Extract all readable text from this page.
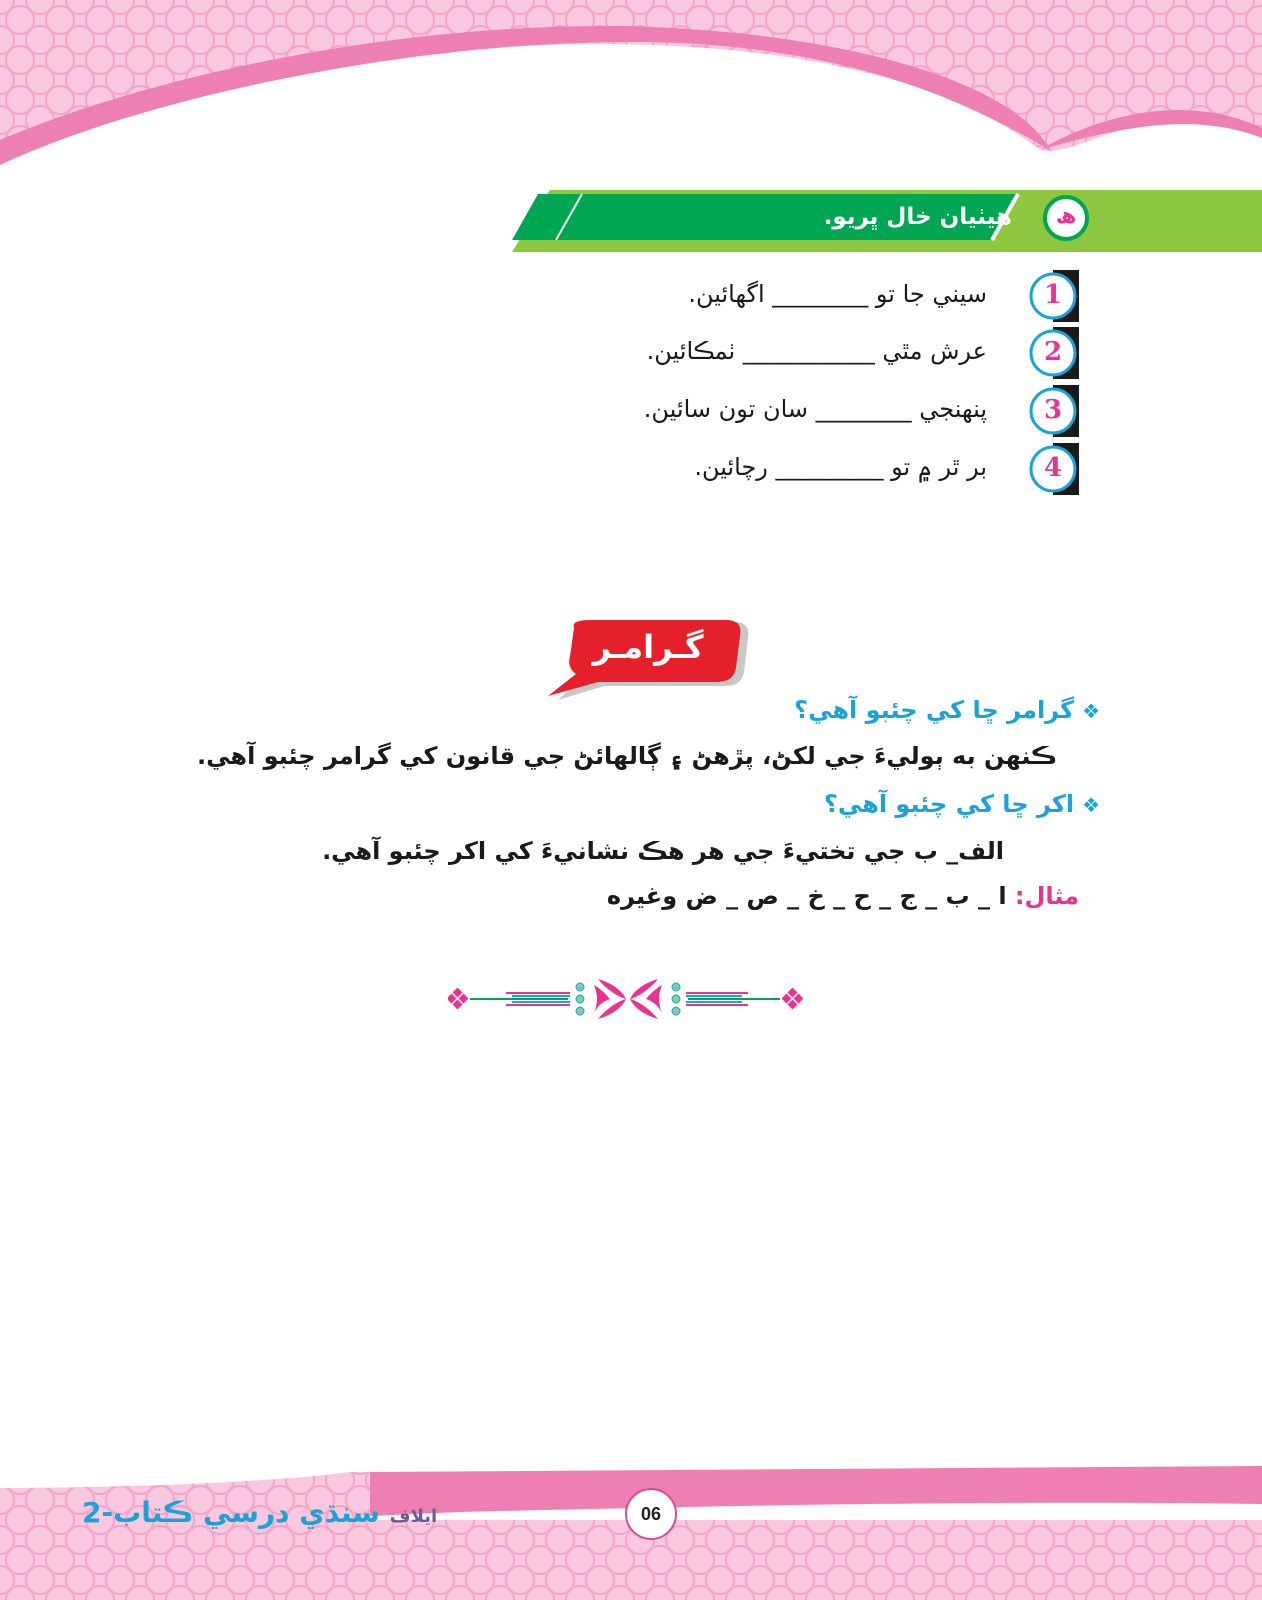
ھ
هيٺيان خال ڀريو.
1
سيني جا تو ________ اگهائين.
2
عرش مٿي ___________ ٺمڪائين.
3
پنهنجي ________ سان تون سائين.
4
بر ٿر ۾ تو _________ رچائين.
گـرامـر
❖گرامر ڇا کي چئبو آهي؟
ڪنهن به ٻوليءَ جي لکڻ، پڙهڻ ۽ ڳالهائڻ جي قانون کي گرامر چئبو آهي.
❖اکر ڇا کي چئبو آهي؟
الف_ ب جي تختيءَ جي هر هڪ نشانيءَ کي اکر چئبو آهي.
مثال: ا _ ب _ ج _ ح _ خ _ ص _ ض وغيره
ايلاف سنڌي درسي ڪتاب-2	06
